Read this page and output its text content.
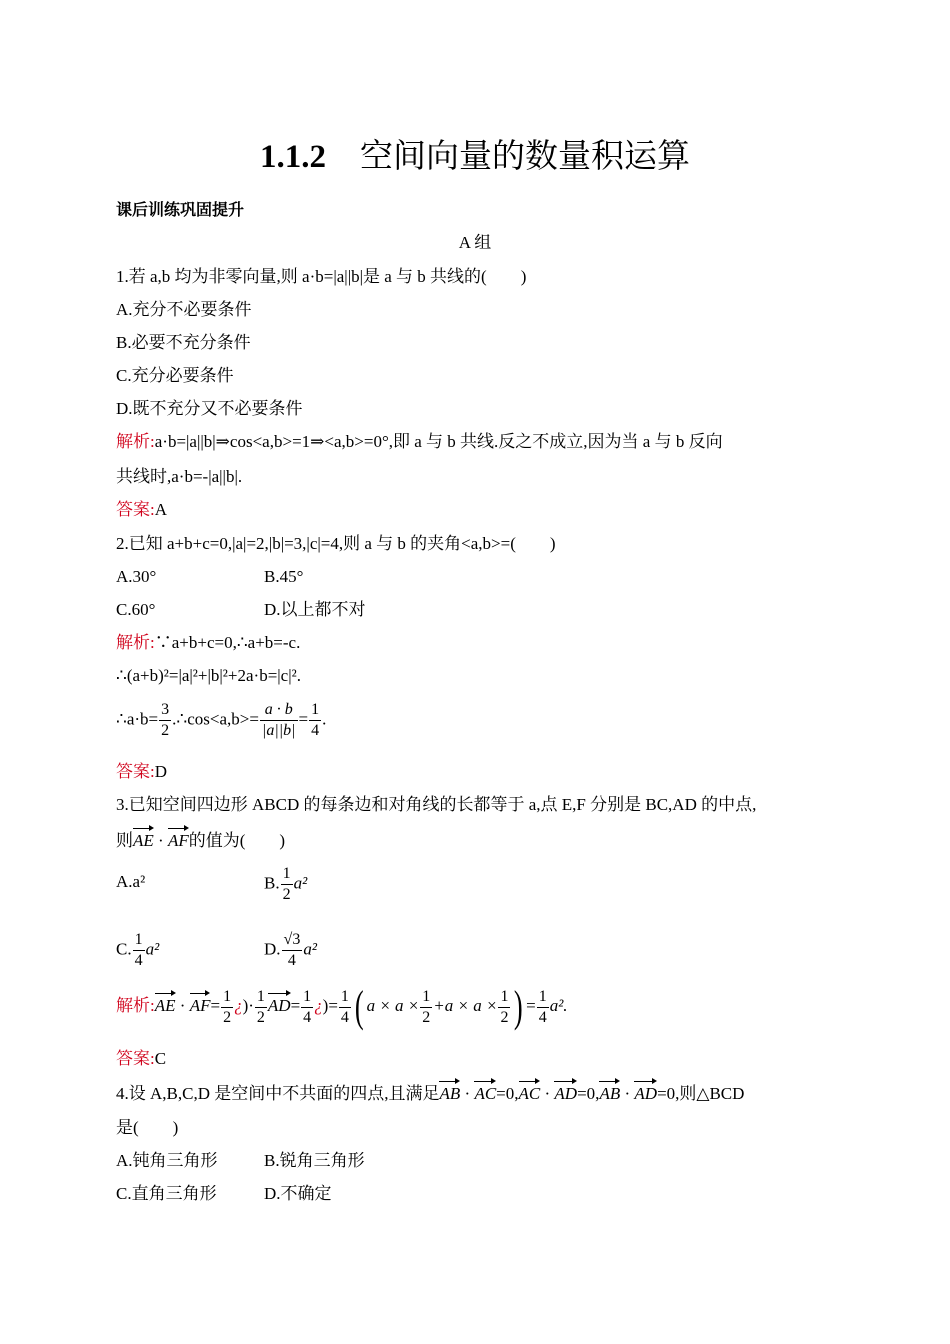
1.1.2 空间向量的数量积运算
课后训练巩固提升
A 组
1.若 a,b 均为非零向量,则 a·b=|a||b|是 a 与 b 共线的(　　)
A.充分不必要条件
B.必要不充分条件
C.充分必要条件
D.既不充分又不必要条件
解析:a·b=|a||b|⇒cos<a,b>=1⇒<a,b>=0°,即 a 与 b 共线.反之不成立,因为当 a 与 b 反向
共线时,a·b=-|a||b|.
答案:A
2.已知 a+b+c=0,|a|=2,|b|=3,|c|=4,则 a 与 b 的夹角<a,b>=(　　)
A.30°	B.45°
C.60°	D.以上都不对
解析:∵a+b+c=0,∴a+b=-c.
∴(a+b)²=|a|²+|b|²+2a·b=|c|².
∴a·b= $\frac{3}{2}$ .∴cos<a,b>= $\frac{a \cdot b}{|a||b|} = \frac{1}{4}$ .
答案:D
3.已知空间四边形 ABCD 的每条边和对角线的长都等于 a,点 E,F 分别是 BC,AD 的中点,
则AE · AF的值为(　　)
A.a²	B. $\frac{1}{2} a^2$
C. $\frac{1}{4} a^2$	D. $\frac{√3}{4} a^2$
解析:AE · $AF= \frac{1}{2}$ ¿)· $\frac{1}{2} AD= \frac{1}{4}$ ¿)= $\frac{1}{4}$ ( $a \times a \times \frac{1}{2} +a \times a \times \frac{1}{2}$ ) = $\frac{1}{4} a^2$.
答案:C
4.设 A,B,C,D 是空间中不共面的四点,且满足AB · AC=0,AC · AD=0,AB · AD=0,则△BCD
是(　　)
A.钝角三角形	B.锐角三角形
C.直角三角形	D.不确定
